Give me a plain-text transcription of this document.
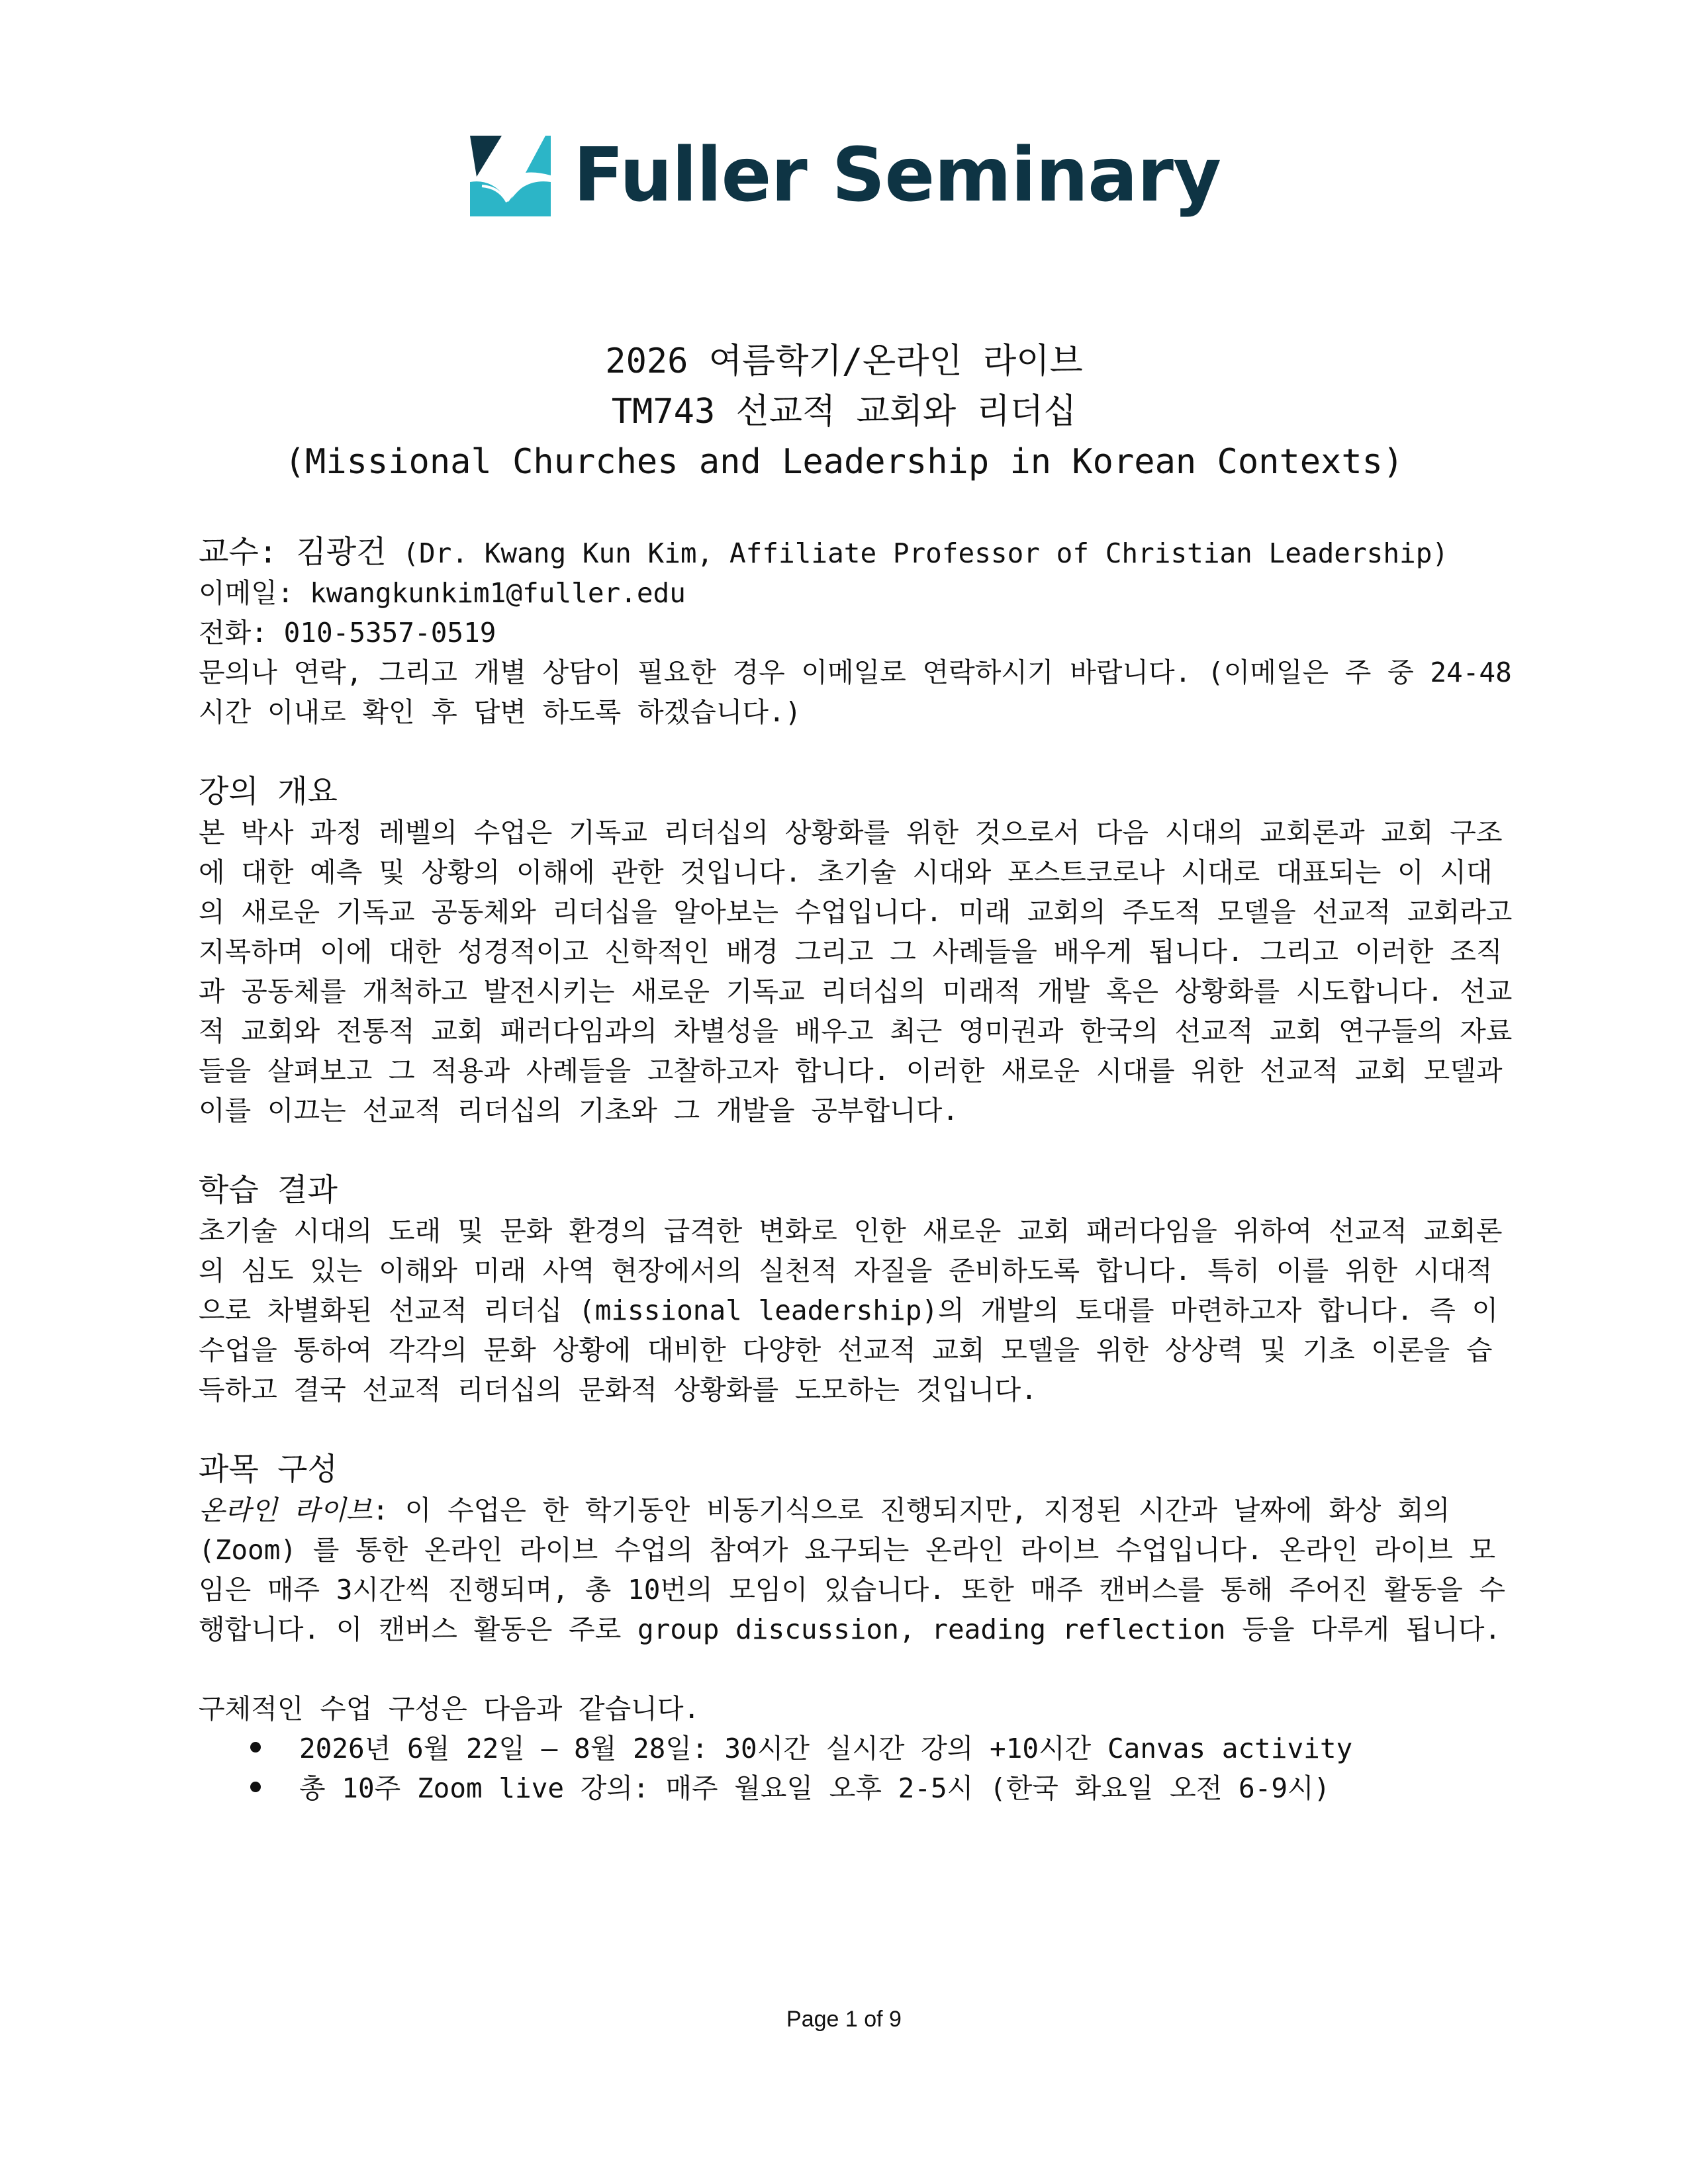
Fuller Seminary
2026 여름학기/온라인 라이브
TM743 선교적 교회와 리더십
(Missional Churches and Leadership in Korean Contexts)
교수: 김광건 (Dr. Kwang Kun Kim, Affiliate Professor of Christian Leadership)
이메일: kwangkunkim1@fuller.edu
전화: 010-5357-0519
문의나 연락, 그리고 개별 상담이 필요한 경우 이메일로 연락하시기 바랍니다. (이메일은 주 중 24-48시간 이내로 확인 후 답변 하도록 하겠습니다.)
강의 개요
본 박사 과정 레벨의 수업은 기독교 리더십의 상황화를 위한 것으로서 다음 시대의 교회론과 교회 구조에 대한 예측 및 상황의 이해에 관한 것입니다. 초기술 시대와 포스트코로나 시대로 대표되는 이 시대의 새로운 기독교 공동체와 리더십을 알아보는 수업입니다. 미래 교회의 주도적 모델을 선교적 교회라고 지목하며 이에 대한 성경적이고 신학적인 배경 그리고 그 사례들을 배우게 됩니다. 그리고 이러한 조직과 공동체를 개척하고 발전시키는 새로운 기독교 리더십의 미래적 개발 혹은 상황화를 시도합니다. 선교적 교회와 전통적 교회 패러다임과의 차별성을 배우고 최근 영미권과 한국의 선교적 교회 연구들의 자료들을 살펴보고 그 적용과 사례들을 고찰하고자 합니다. 이러한 새로운 시대를 위한 선교적 교회 모델과 이를 이끄는 선교적 리더십의 기초와 그 개발을 공부합니다.
학습 결과
초기술 시대의 도래 및 문화 환경의 급격한 변화로 인한 새로운 교회 패러다임을 위하여 선교적 교회론의 심도 있는 이해와 미래 사역 현장에서의 실천적 자질을 준비하도록 합니다. 특히 이를 위한 시대적으로 차별화된 선교적 리더십 (missional leadership)의 개발의 토대를 마련하고자 합니다. 즉 이 수업을 통하여 각각의 문화 상황에 대비한 다양한 선교적 교회 모델을 위한 상상력 및 기초 이론을 습득하고 결국 선교적 리더십의 문화적 상황화를 도모하는 것입니다.
과목 구성
온라인 라이브: 이 수업은 한 학기동안 비동기식으로 진행되지만, 지정된 시간과 날짜에 화상 회의(Zoom) 를 통한 온라인 라이브 수업의 참여가 요구되는 온라인 라이브 수업입니다. 온라인 라이브 모임은 매주 3시간씩 진행되며, 총 10번의 모임이 있습니다. 또한 매주 캔버스를 통해 주어진 활동을 수행합니다. 이 캔버스 활동은 주로 group discussion, reading reflection 등을 다루게 됩니다.
구체적인 수업 구성은 다음과 같습니다.
2026년 6월 22일 – 8월 28일: 30시간 실시간 강의 +10시간 Canvas activity
총 10주 Zoom live 강의: 매주 월요일 오후 2-5시 (한국 화요일 오전 6-9시)
Page 1 of 9
